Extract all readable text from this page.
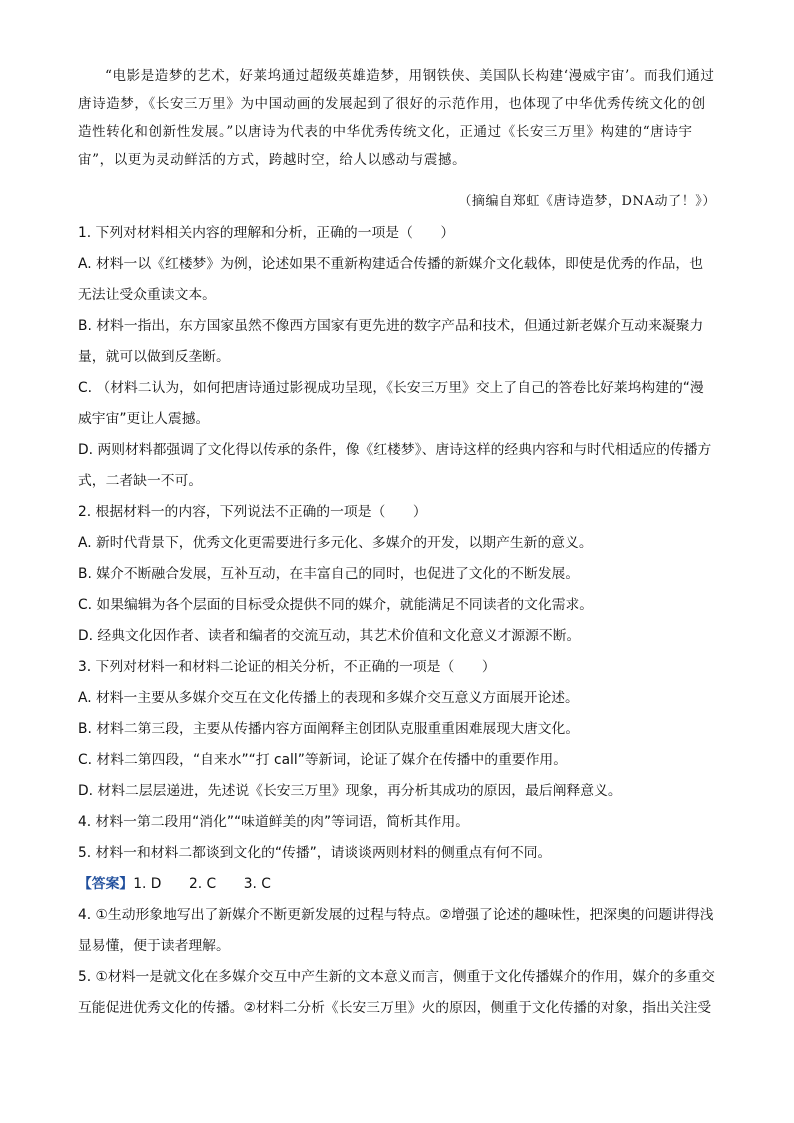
“电影是造梦的艺术，好莱坞通过超级英雄造梦，用钢铁侠、美国队长构建‘漫威宇宙’。而我们通过唐诗造梦，《长安三万里》为中国动画的发展起到了很好的示范作用，也体现了中华优秀传统文化的创造性转化和创新性发展。”以唐诗为代表的中华优秀传统文化，正通过《长安三万里》构建的“唐诗宇宙”，以更为灵动鲜活的方式，跨越时空，给人以感动与震撼。
（摘编自郑虹《唐诗造梦，DNA动了！》）
1. 下列对材料相关内容的理解和分析，正确的一项是（　　）
A. 材料一以《红楼梦》为例，论述如果不重新构建适合传播的新媒介文化载体，即使是优秀的作品，也
无法让受众重读文本。
B. 材料一指出，东方国家虽然不像西方国家有更先进的数字产品和技术，但通过新老媒介互动来凝聚力
量，就可以做到反垄断。
C. （材料二认为，如何把唐诗通过影视成功呈现，《长安三万里》交上了自己的答卷比好莱坞构建的“漫
威宇宙”更让人震撼。
D. 两则材料都强调了文化得以传承的条件，像《红楼梦》、唐诗这样的经典内容和与时代相适应的传播方
式，二者缺一不可。
2. 根据材料一的内容，下列说法不正确的一项是（　　）
A. 新时代背景下，优秀文化更需要进行多元化、多媒介的开发，以期产生新的意义。
B. 媒介不断融合发展，互补互动，在丰富自己的同时，也促进了文化的不断发展。
C. 如果编辑为各个层面的目标受众提供不同的媒介，就能满足不同读者的文化需求。
D. 经典文化因作者、读者和编者的交流互动，其艺术价值和文化意义才源源不断。
3. 下列对材料一和材料二论证的相关分析，不正确的一项是（　　）
A. 材料一主要从多媒介交互在文化传播上的表现和多媒介交互意义方面展开论述。
B. 材料二第三段，主要从传播内容方面阐释主创团队克服重重困难展现大唐文化。
C. 材料二第四段，“自来水”“打 call”等新词，论证了媒介在传播中的重要作用。
D. 材料二层层递进，先述说《长安三万里》现象，再分析其成功的原因，最后阐释意义。
4. 材料一第二段用“消化”“味道鲜美的肉”等词语，简析其作用。
5. 材料一和材料二都谈到文化的“传播”，请谈谈两则材料的侧重点有何不同。
【答案】1. D　　2. C　　3. C
4. ①生动形象地写出了新媒介不断更新发展的过程与特点。②增强了论述的趣味性，把深奥的问题讲得浅
显易懂，便于读者理解。
5. ①材料一是就文化在多媒介交互中产生新的文本意义而言，侧重于文化传播媒介的作用，媒介的多重交
互能促进优秀文化的传播。②材料二分析《长安三万里》火的原因，侧重于文化传播的对象，指出关注受
